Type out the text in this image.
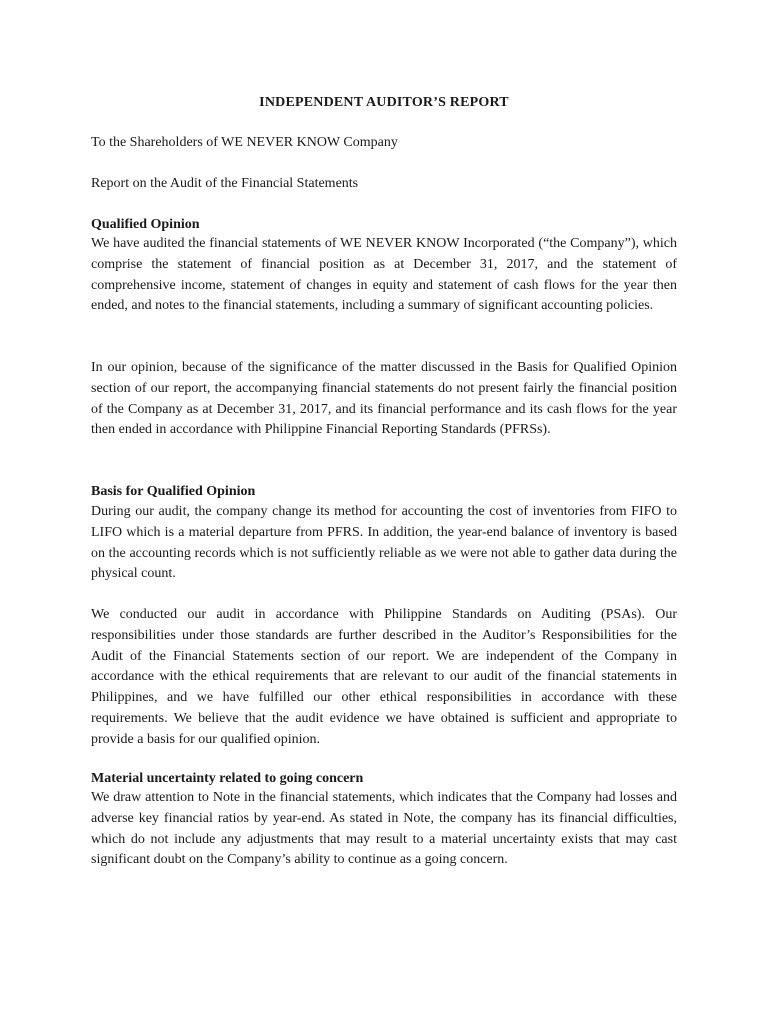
INDEPENDENT AUDITOR’S REPORT

To the Shareholders of WE NEVER KNOW Company

Report on the Audit of the Financial Statements

Qualified Opinion

We have audited the financial statements of WE NEVER KNOW Incorporated (“the Company”), which comprise the statement of financial position as at December 31, 2017, and the statement of comprehensive income, statement of changes in equity and statement of cash flows for the year then ended, and notes to the financial statements, including a summary of significant accounting policies.

In our opinion, because of the significance of the matter discussed in the Basis for Qualified Opinion section of our report, the accompanying financial statements do not present fairly the financial position of the Company as at December 31, 2017, and its financial performance and its cash flows for the year then ended in accordance with Philippine Financial Reporting Standards (PFRSs).

Basis for Qualified Opinion

During our audit, the company change its method for accounting the cost of inventories from FIFO to LIFO which is a material departure from PFRS. In addition, the year-end balance of inventory is based on the accounting records which is not sufficiently reliable as we were not able to gather data during the physical count.

We conducted our audit in accordance with Philippine Standards on Auditing (PSAs). Our responsibilities under those standards are further described in the Auditor’s Responsibilities for the Audit of the Financial Statements section of our report. We are independent of the Company in accordance with the ethical requirements that are relevant to our audit of the financial statements in Philippines, and we have fulfilled our other ethical responsibilities in accordance with these requirements. We believe that the audit evidence we have obtained is sufficient and appropriate to provide a basis for our qualified opinion.

Material uncertainty related to going concern

We draw attention to Note in the financial statements, which indicates that the Company had losses and adverse key financial ratios by year-end. As stated in Note, the company has its financial difficulties, which do not include any adjustments that may result to a material uncertainty exists that may cast significant doubt on the Company’s ability to continue as a going concern.
